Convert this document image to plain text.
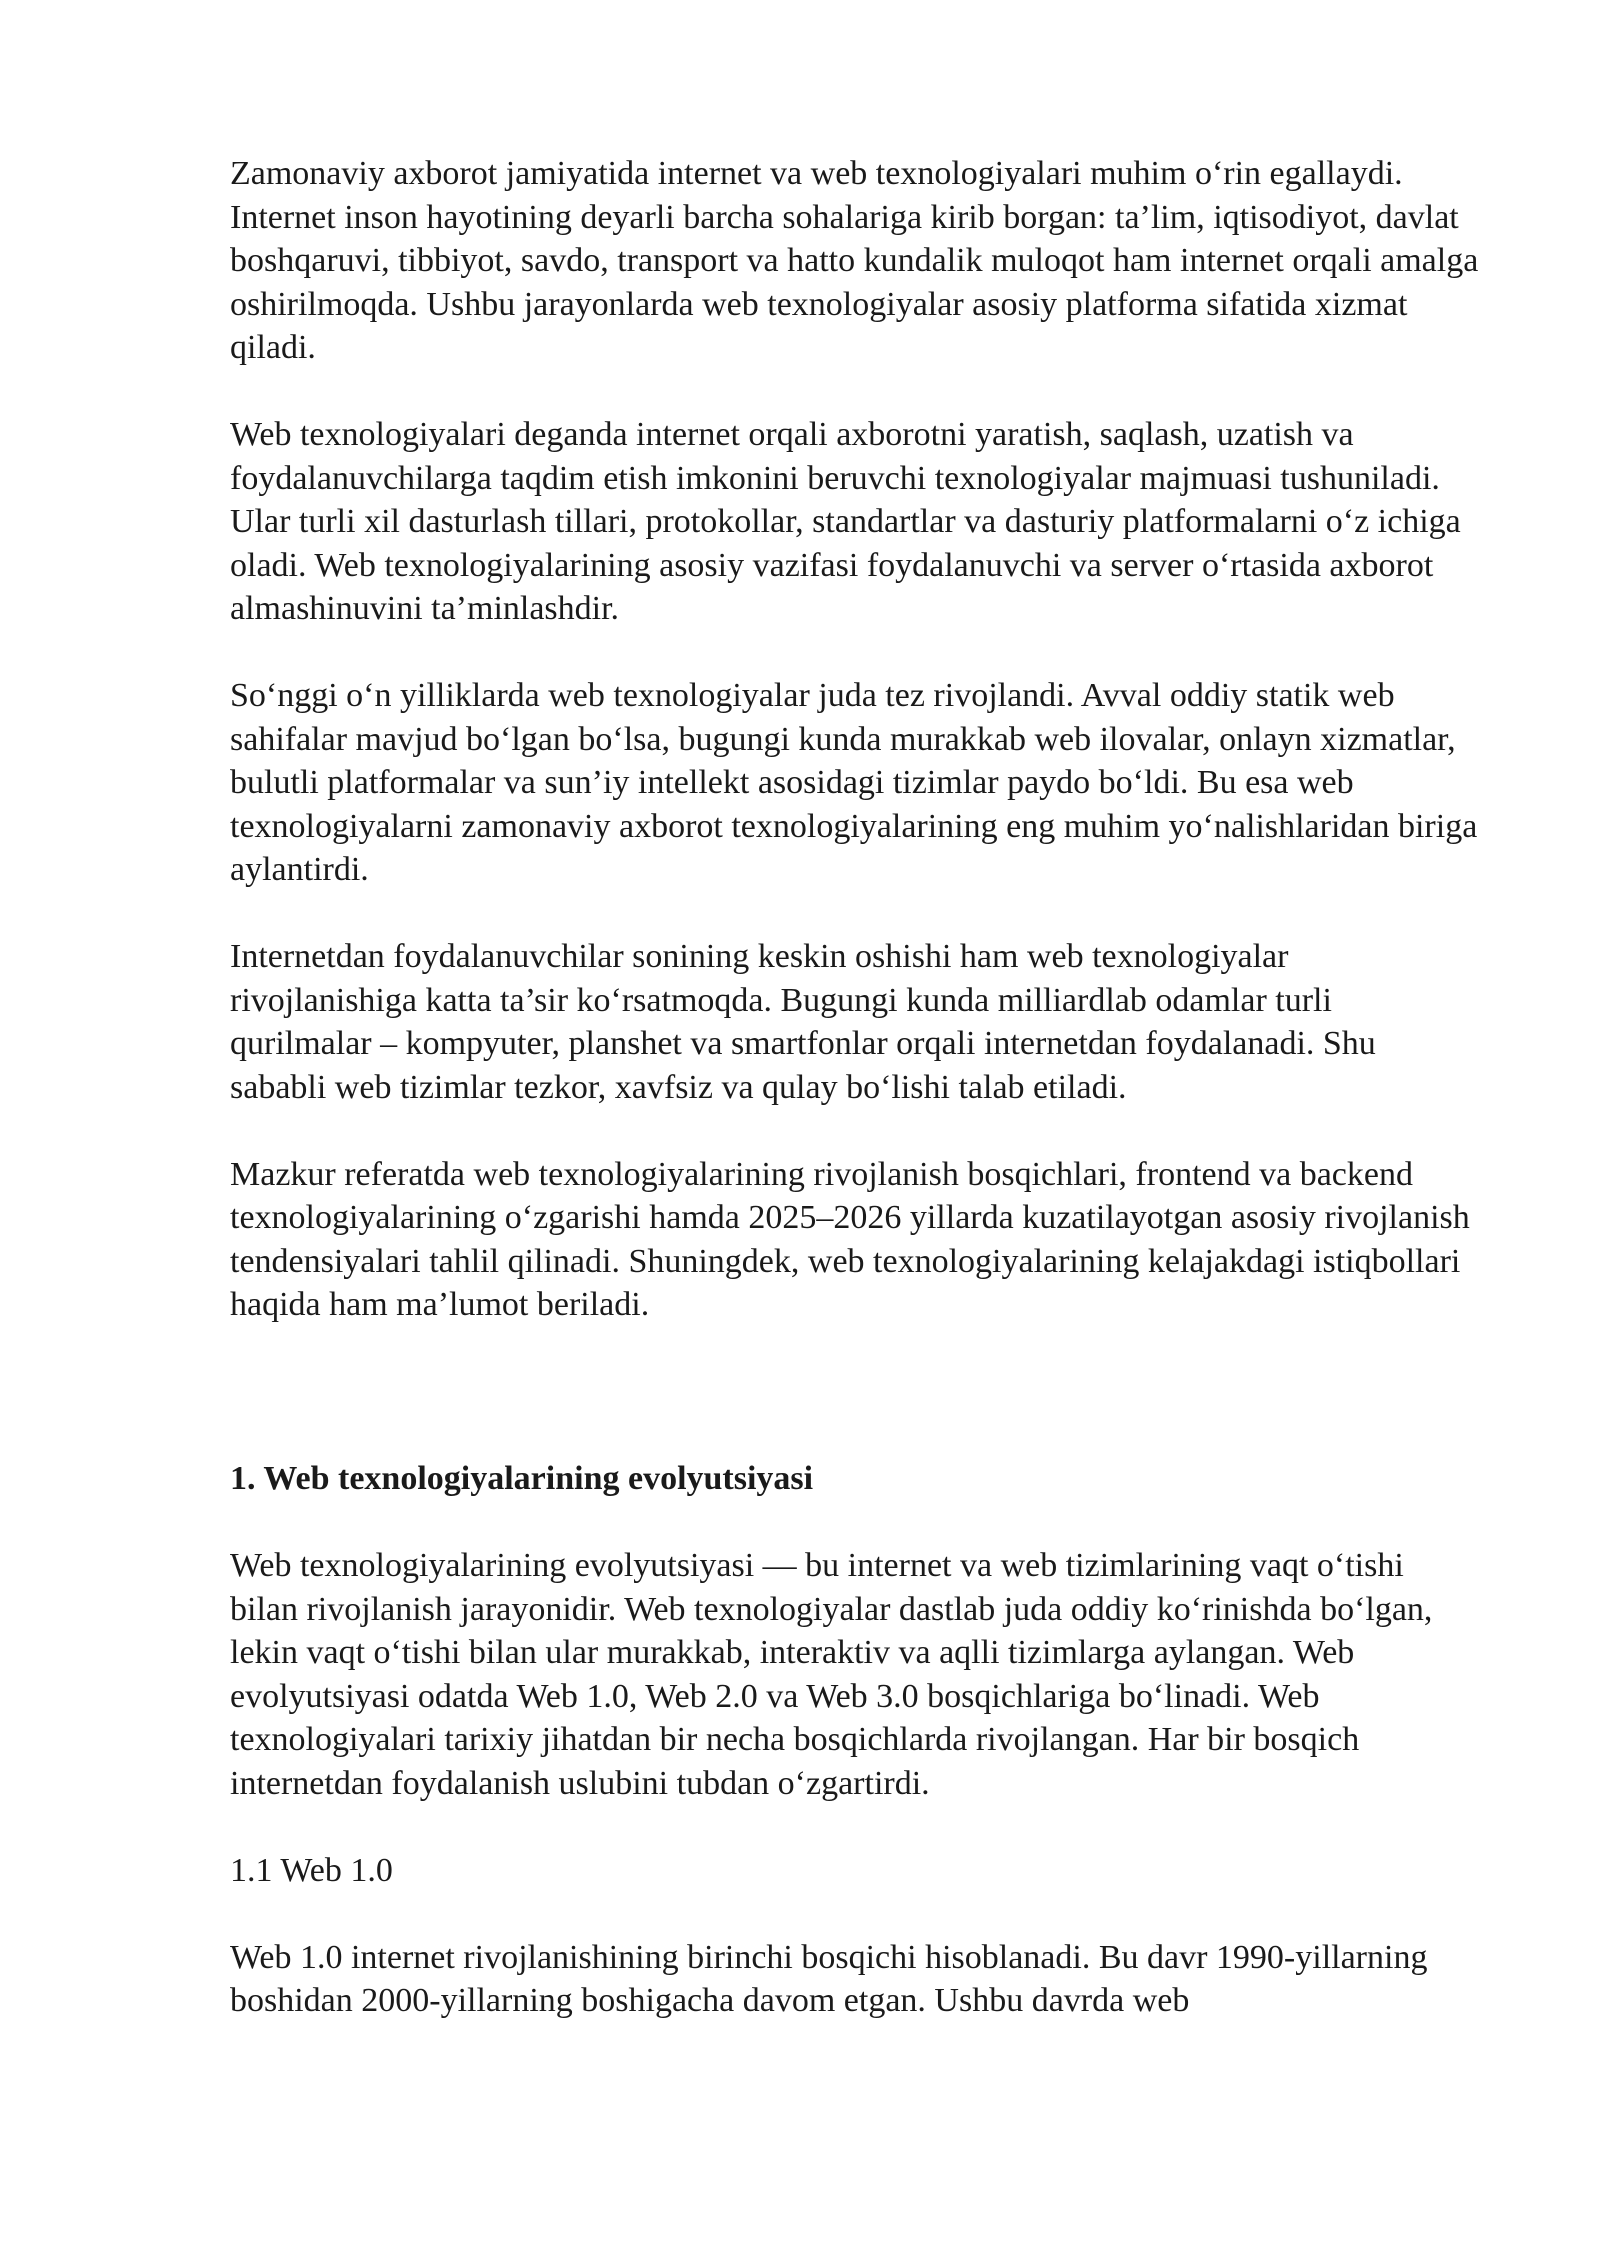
Zamonaviy axborot jamiyatida internet va web texnologiyalari muhim o‘rin egallaydi. Internet inson hayotining deyarli barcha sohalariga kirib borgan: ta’lim, iqtisodiyot, davlat boshqaruvi, tibbiyot, savdo, transport va hatto kundalik muloqot ham internet orqali amalga oshirilmoqda. Ushbu jarayonlarda web texnologiyalar asosiy platforma sifatida xizmat qiladi.

Web texnologiyalari deganda internet orqali axborotni yaratish, saqlash, uzatish va foydalanuvchilarga taqdim etish imkonini beruvchi texnologiyalar majmuasi tushuniladi. Ular turli xil dasturlash tillari, protokollar, standartlar va dasturiy platformalarni o‘z ichiga oladi. Web texnologiyalarining asosiy vazifasi foydalanuvchi va server o‘rtasida axborot almashinuvini ta’minlashdir.

So‘nggi o‘n yilliklarda web texnologiyalar juda tez rivojlandi. Avval oddiy statik web sahifalar mavjud bo‘lgan bo‘lsa, bugungi kunda murakkab web ilovalar, onlayn xizmatlar, bulutli platformalar va sun’iy intellekt asosidagi tizimlar paydo bo‘ldi. Bu esa web texnologiyalarni zamonaviy axborot texnologiyalarining eng muhim yo‘nalishlaridan biriga aylantirdi.

Internetdan foydalanuvchilar sonining keskin oshishi ham web texnologiyalar rivojlanishiga katta ta’sir ko‘rsatmoqda. Bugungi kunda milliardlab odamlar turli qurilmalar – kompyuter, planshet va smartfonlar orqali internetdan foydalanadi. Shu sababli web tizimlar tezkor, xavfsiz va qulay bo‘lishi talab etiladi.

Mazkur referatda web texnologiyalarining rivojlanish bosqichlari, frontend va backend texnologiyalarining o‘zgarishi hamda 2025–2026 yillarda kuzatilayotgan asosiy rivojlanish tendensiyalari tahlil qilinadi. Shuningdek, web texnologiyalarining kelajakdagi istiqbollari haqida ham ma’lumot beriladi.

1. Web texnologiyalarining evolyutsiyasi

Web texnologiyalarining evolyutsiyasi — bu internet va web tizimlarining vaqt o‘tishi bilan rivojlanish jarayonidir. Web texnologiyalar dastlab juda oddiy ko‘rinishda bo‘lgan, lekin vaqt o‘tishi bilan ular murakkab, interaktiv va aqlli tizimlarga aylangan. Web evolyutsiyasi odatda Web 1.0, Web 2.0 va Web 3.0 bosqichlariga bo‘linadi. Web texnologiyalari tarixiy jihatdan bir necha bosqichlarda rivojlangan. Har bir bosqich internetdan foydalanish uslubini tubdan o‘zgartirdi.

1.1 Web 1.0

Web 1.0 internet rivojlanishining birinchi bosqichi hisoblanadi. Bu davr 1990-yillarning boshidan 2000-yillarning boshigacha davom etgan. Ushbu davrda web
